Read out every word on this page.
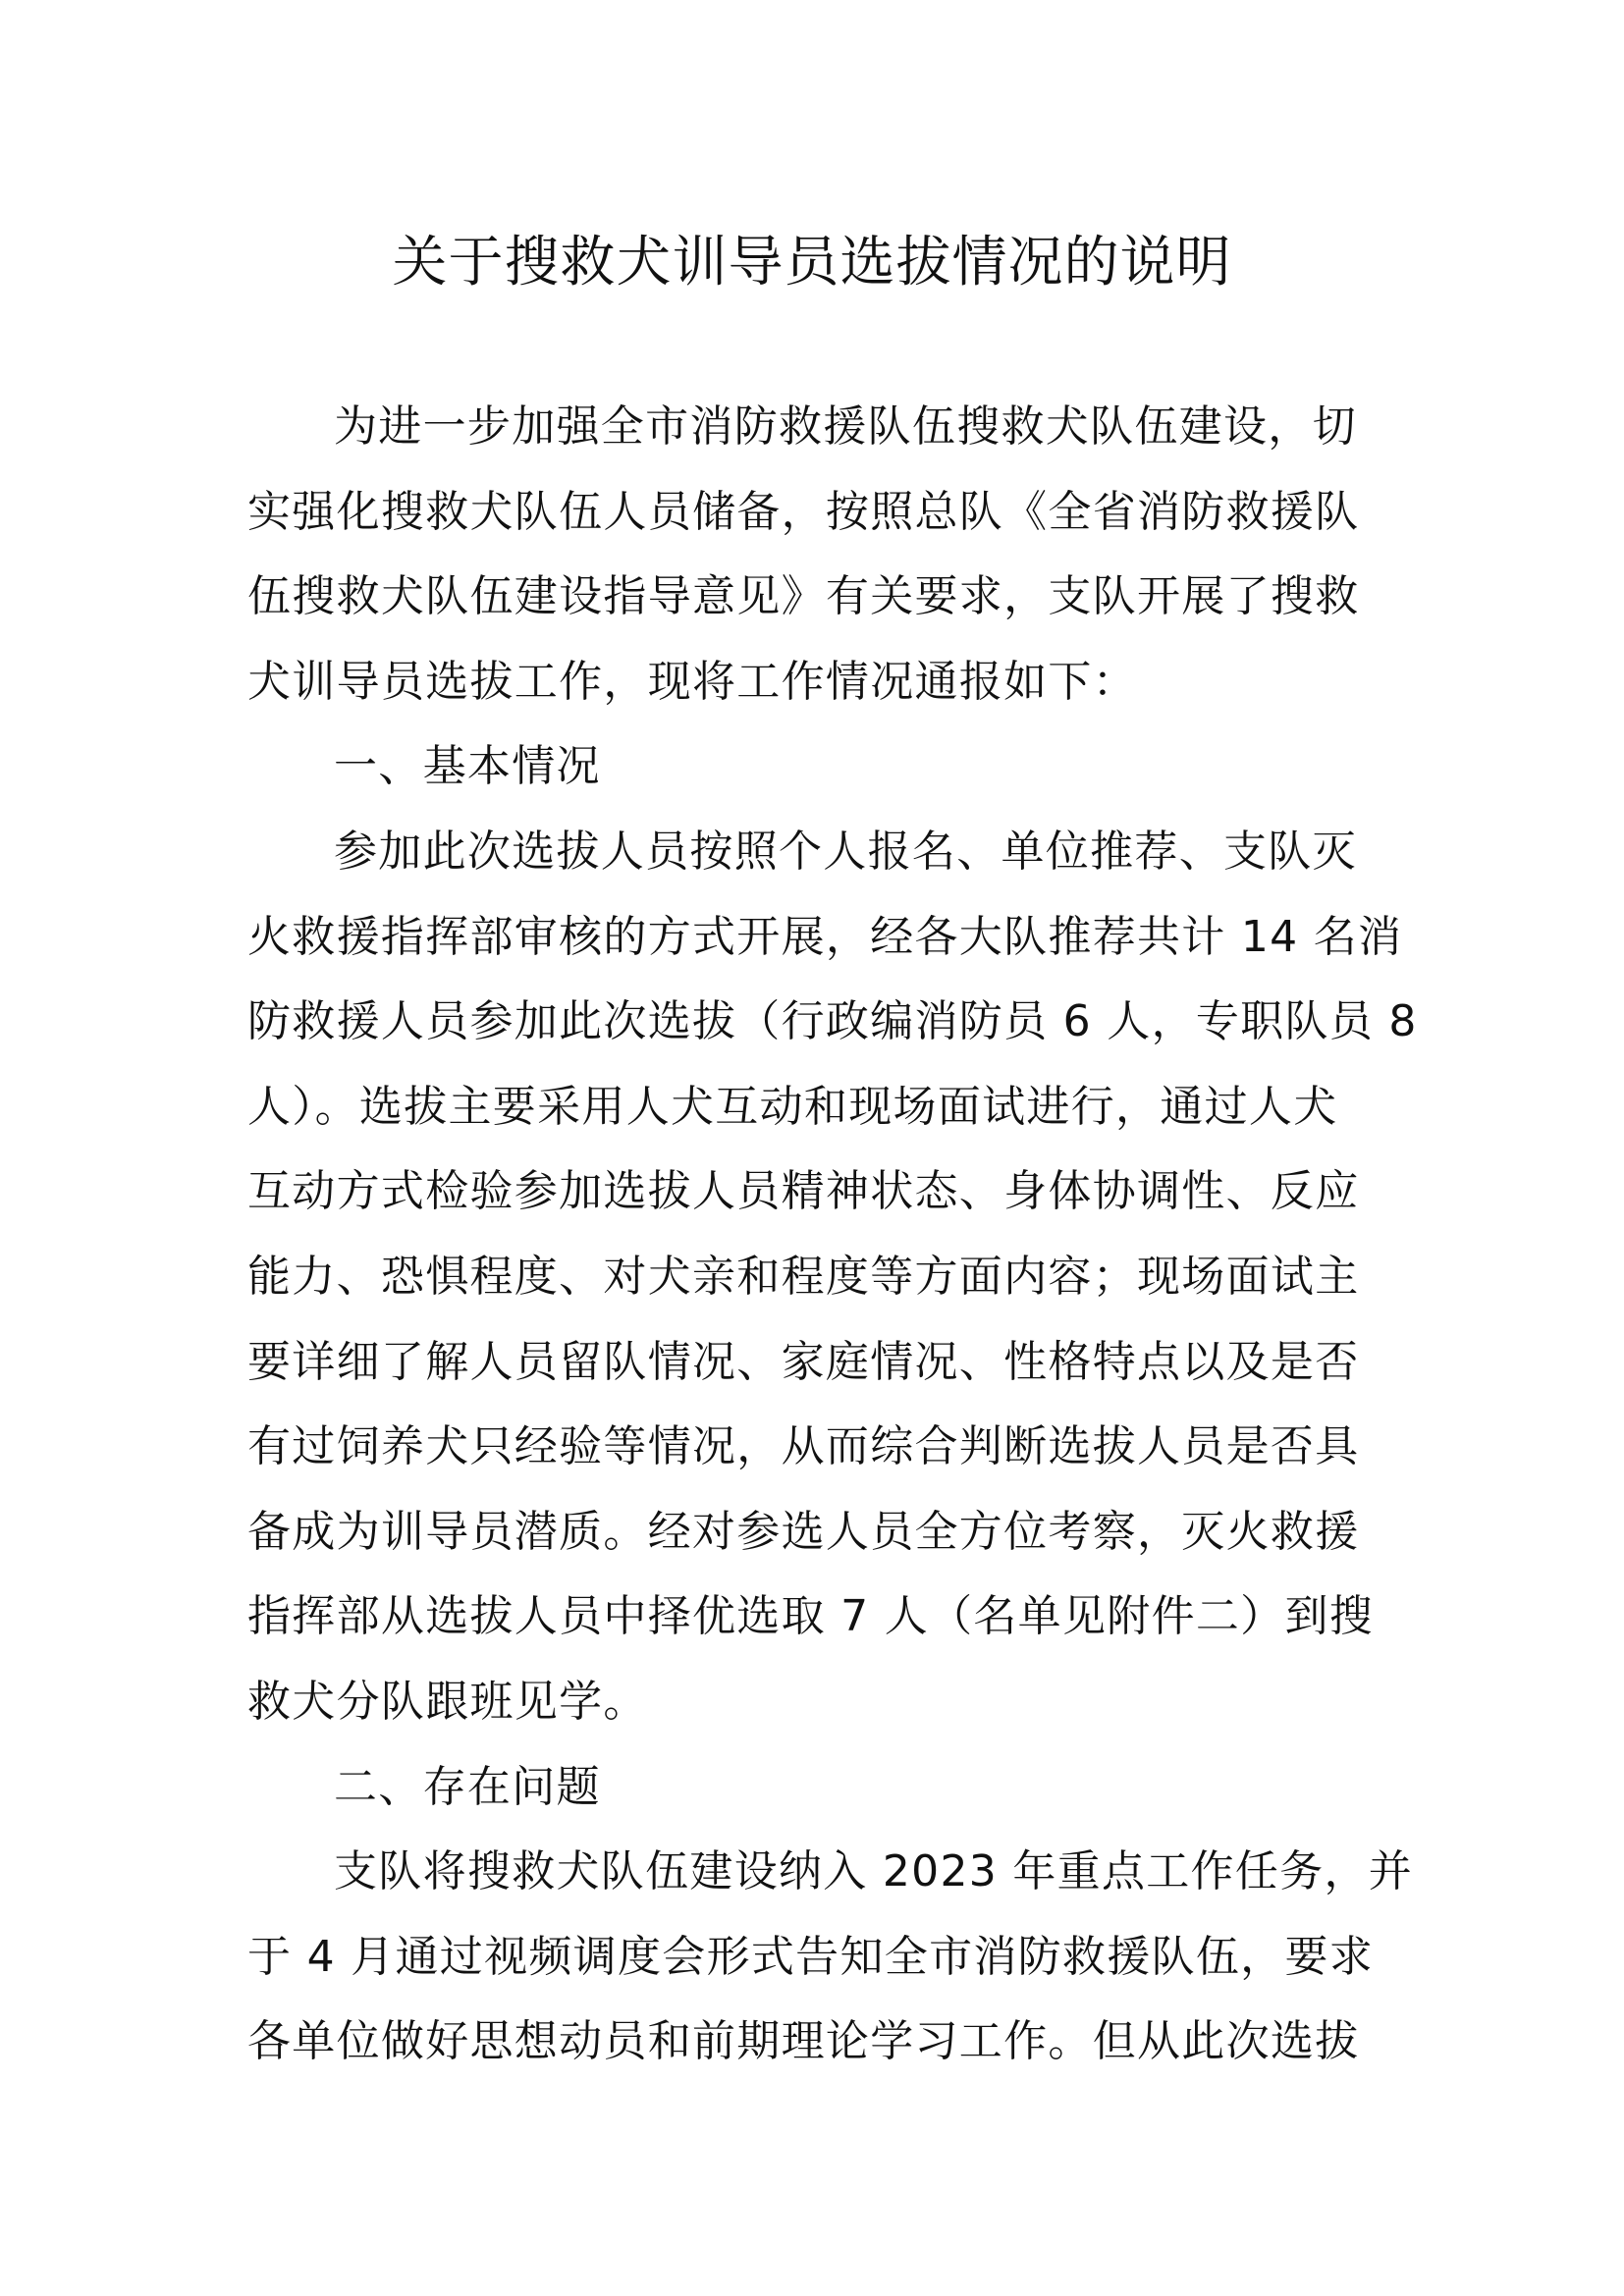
关于搜救犬训导员选拔情况的说明

为进一步加强全市消防救援队伍搜救犬队伍建设，切
实强化搜救犬队伍人员储备，按照总队《全省消防救援队
伍搜救犬队伍建设指导意见》有关要求，支队开展了搜救
犬训导员选拔工作，现将工作情况通报如下：

一、基本情况

参加此次选拔人员按照个人报名、单位推荐、支队灭
火救援指挥部审核的方式开展，经各大队推荐共计 14 名消
防救援人员参加此次选拔（行政编消防员 6 人，专职队员 8
人）。选拔主要采用人犬互动和现场面试进行，通过人犬
互动方式检验参加选拔人员精神状态、身体协调性、反应
能力、恐惧程度、对犬亲和程度等方面内容；现场面试主
要详细了解人员留队情况、家庭情况、性格特点以及是否
有过饲养犬只经验等情况，从而综合判断选拔人员是否具
备成为训导员潜质。经对参选人员全方位考察，灭火救援
指挥部从选拔人员中择优选取 7 人（名单见附件二）到搜
救犬分队跟班见学。

二、存在问题

支队将搜救犬队伍建设纳入 2023 年重点工作任务，并
于 4 月通过视频调度会形式告知全市消防救援队伍，要求
各单位做好思想动员和前期理论学习工作。但从此次选拔
